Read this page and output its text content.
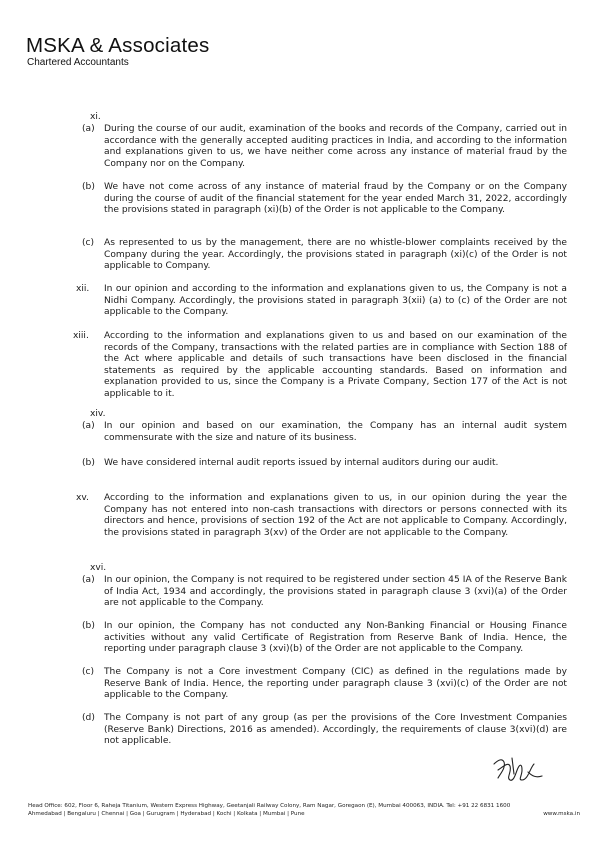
MSKA & Associates
Chartered Accountants
xi.
(a) During the course of our audit, examination of the books and records of the Company, carried out in accordance with the generally accepted auditing practices in India, and according to the information and explanations given to us, we have neither come across any instance of material fraud by the Company nor on the Company.
(b) We have not come across of any instance of material fraud by the Company or on the Company during the course of audit of the financial statement for the year ended March 31, 2022, accordingly the provisions stated in paragraph (xi)(b) of the Order is not applicable to the Company.
(c) As represented to us by the management, there are no whistle-blower complaints received by the Company during the year. Accordingly, the provisions stated in paragraph (xi)(c) of the Order is not applicable to Company.
xii. In our opinion and according to the information and explanations given to us, the Company is not a Nidhi Company. Accordingly, the provisions stated in paragraph 3(xii) (a) to (c) of the Order are not applicable to the Company.
xiii. According to the information and explanations given to us and based on our examination of the records of the Company, transactions with the related parties are in compliance with Section 188 of the Act where applicable and details of such transactions have been disclosed in the financial statements as required by the applicable accounting standards. Based on information and explanation provided to us, since the Company is a Private Company, Section 177 of the Act is not applicable to it.
xiv.
(a) In our opinion and based on our examination, the Company has an internal audit system commensurate with the size and nature of its business.
(b) We have considered internal audit reports issued by internal auditors during our audit.
xv. According to the information and explanations given to us, in our opinion during the year the Company has not entered into non-cash transactions with directors or persons connected with its directors and hence, provisions of section 192 of the Act are not applicable to Company. Accordingly, the provisions stated in paragraph 3(xv) of the Order are not applicable to the Company.
xvi.
(a) In our opinion, the Company is not required to be registered under section 45 IA of the Reserve Bank of India Act, 1934 and accordingly, the provisions stated in paragraph clause 3 (xvi)(a) of the Order are not applicable to the Company.
(b) In our opinion, the Company has not conducted any Non-Banking Financial or Housing Finance activities without any valid Certificate of Registration from Reserve Bank of India. Hence, the reporting under paragraph clause 3 (xvi)(b) of the Order are not applicable to the Company.
(c) The Company is not a Core investment Company (CIC) as defined in the regulations made by Reserve Bank of India. Hence, the reporting under paragraph clause 3 (xvi)(c) of the Order are not applicable to the Company.
(d) The Company is not part of any group (as per the provisions of the Core Investment Companies (Reserve Bank) Directions, 2016 as amended). Accordingly, the requirements of clause 3(xvi)(d) are not applicable.
Head Office: 602, Floor 6, Raheja Titanium, Western Express Highway, Geetanjali Railway Colony, Ram Nagar, Goregaon (E), Mumbai 400063, INDIA. Tel: +91 22 6831 1600
Ahmedabad | Bengaluru | Chennai | Goa | Gurugram | Hyderabad | Kochi | Kolkata | Mumbai | Pune	www.mska.in
